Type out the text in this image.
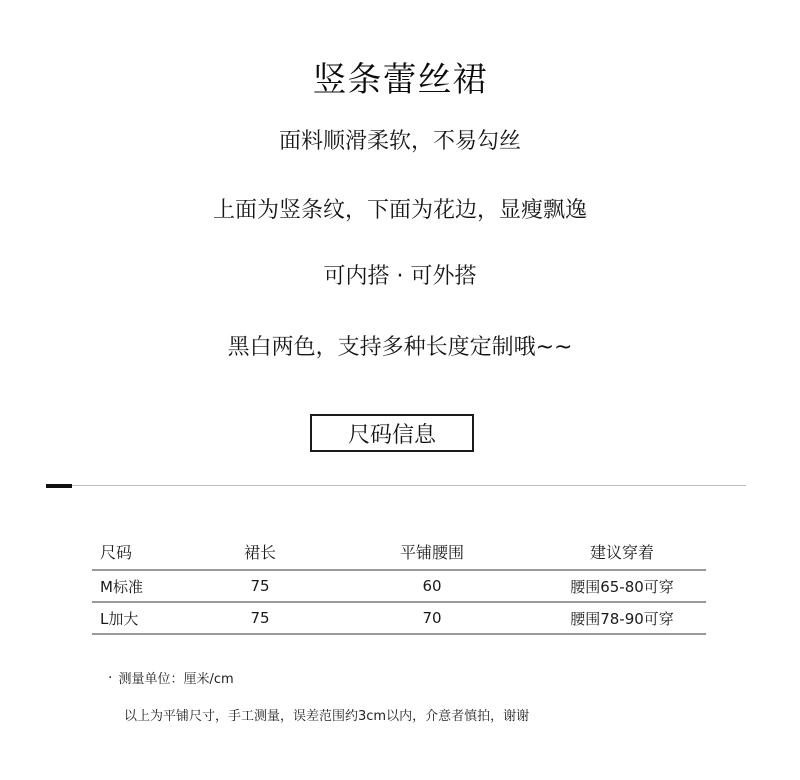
竖条蕾丝裙
面料顺滑柔软，不易勾丝
上面为竖条纹，下面为花边，显瘦飘逸
可内搭 · 可外搭
黑白两色，支持多种长度定制哦~~
尺码信息
尺码	裙长	平铺腰围	建议穿着
M标准	75	60	腰围65-80可穿
L加大	75	70	腰围78-90可穿
· 测量单位：厘米/cm
以上为平铺尺寸，手工测量，误差范围约3cm以内，介意者慎拍，谢谢
